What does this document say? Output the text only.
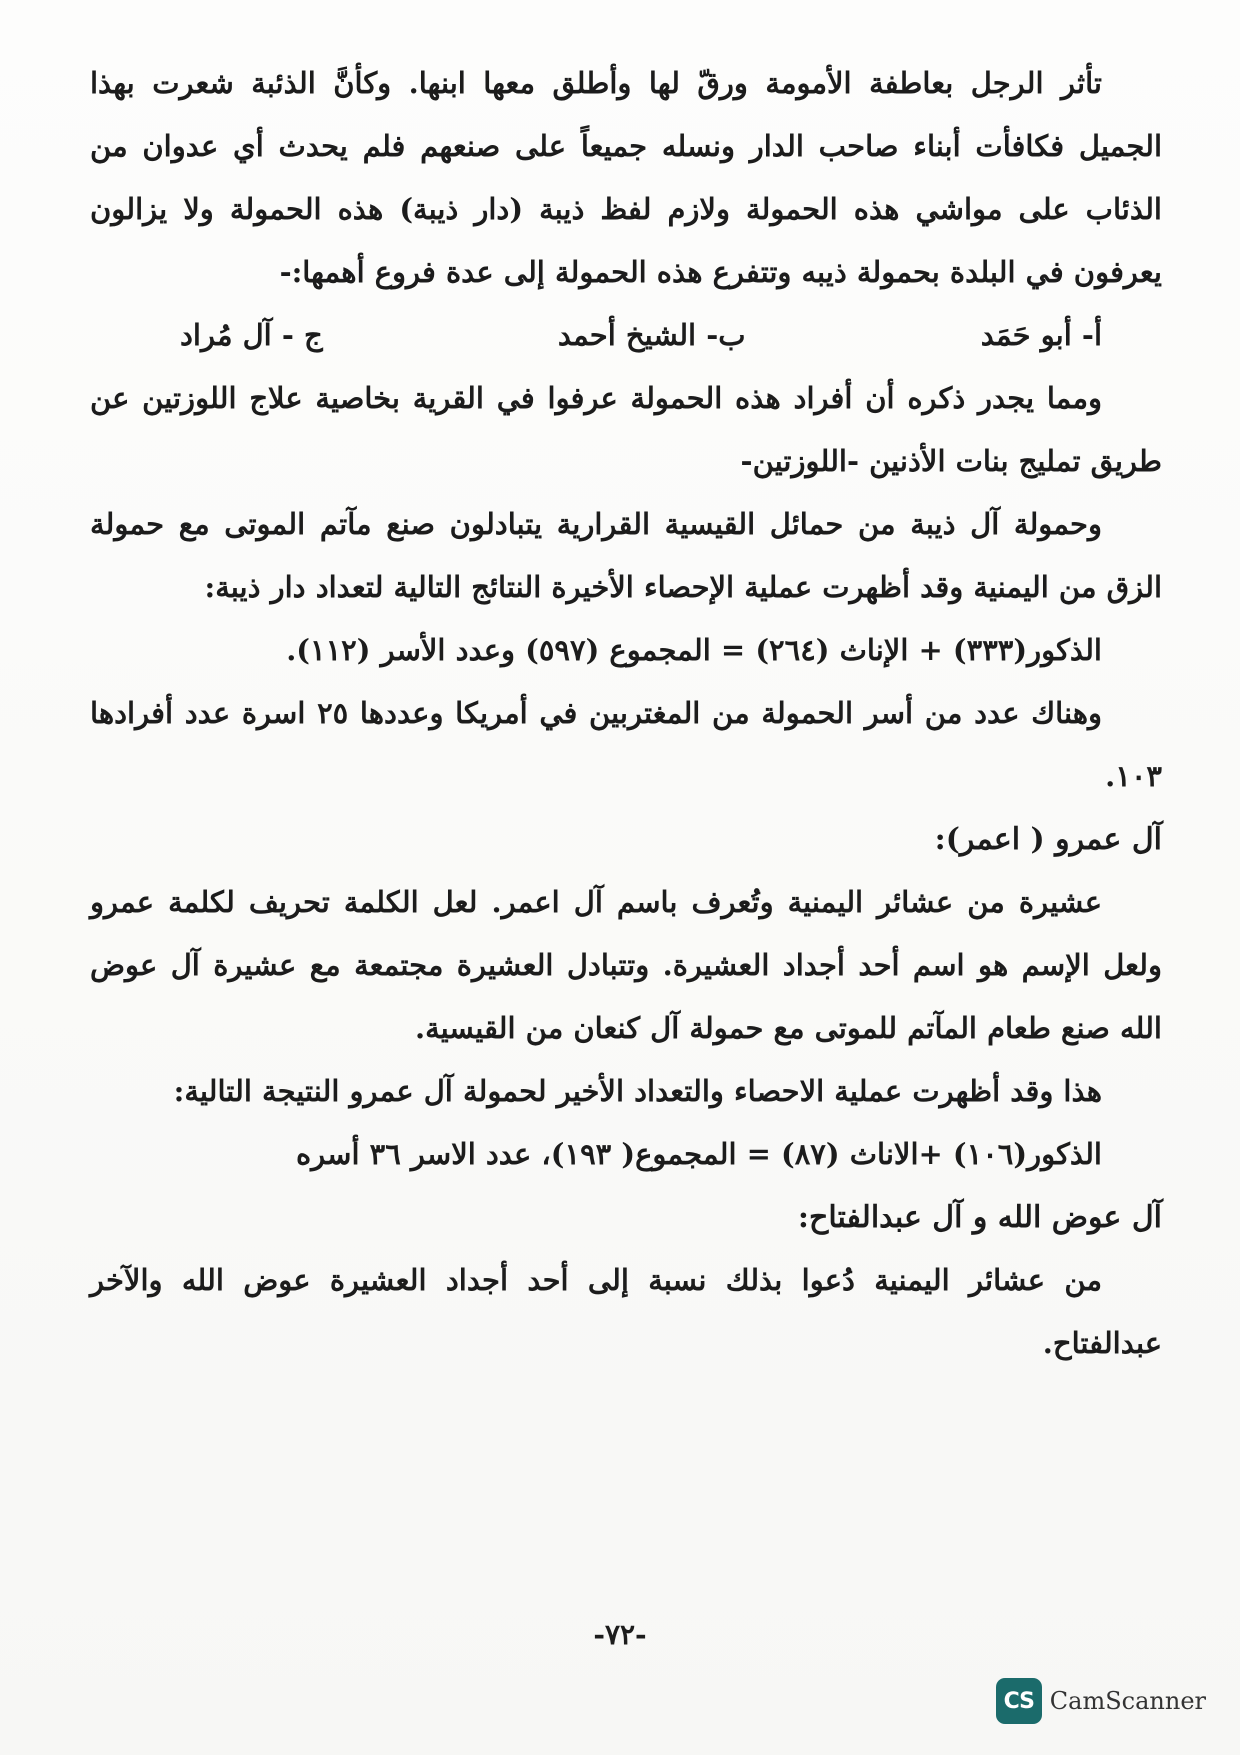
تأثر الرجل بعاطفة الأمومة ورقّ لها وأطلق معها ابنها. وكأنَّ الذئبة شعرت بهذا الجميل فكافأت أبناء صاحب الدار ونسله جميعاً على صنعهم فلم يحدث أي عدوان من الذئاب على مواشي هذه الحمولة ولازم لفظ ذيبة (دار ذيبة) هذه الحمولة ولا يزالون يعرفون في البلدة بحمولة ذيبه وتتفرع هذه الحمولة إلى عدة فروع أهمها:-

أ- أبو حَمَد
ب- الشيخ أحمد
ج - آل مُراد

ومما يجدر ذكره أن أفراد هذه الحمولة عرفوا في القرية بخاصية علاج اللوزتين عن طريق تمليج بنات الأذنين -اللوزتين-

وحمولة آل ذيبة من حمائل القيسية القرارية يتبادلون صنع مآتم الموتى مع حمولة الزق من اليمنية وقد أظهرت عملية الإحصاء الأخيرة النتائج التالية لتعداد دار ذيبة:

الذكور(٣٣٣) + الإناث (٢٦٤) = المجموع (٥٩٧) وعدد الأسر (١١٢).

وهناك عدد من أسر الحمولة من المغتربين في أمريكا وعددها ٢٥ اسرة عدد أفرادها ١٠٣.

آل عمرو ( اعمر):

عشيرة من عشائر اليمنية وتُعرف باسم آل اعمر. لعل الكلمة تحريف لكلمة عمرو ولعل الإسم هو اسم أحد أجداد العشيرة. وتتبادل العشيرة مجتمعة مع عشيرة آل عوض الله صنع طعام المآتم للموتى مع حمولة آل كنعان من القيسية.

هذا وقد أظهرت عملية الاحصاء والتعداد الأخير لحمولة آل عمرو النتيجة التالية:

الذكور(١٠٦) +الاناث (٨٧) = المجموع( ١٩٣)، عدد الاسر ٣٦ أسره

آل عوض الله و آل عبدالفتاح:

من عشائر اليمنية دُعوا بذلك نسبة إلى أحد أجداد العشيرة عوض الله والآخر عبدالفتاح.

-٧٢-
CS CamScanner
